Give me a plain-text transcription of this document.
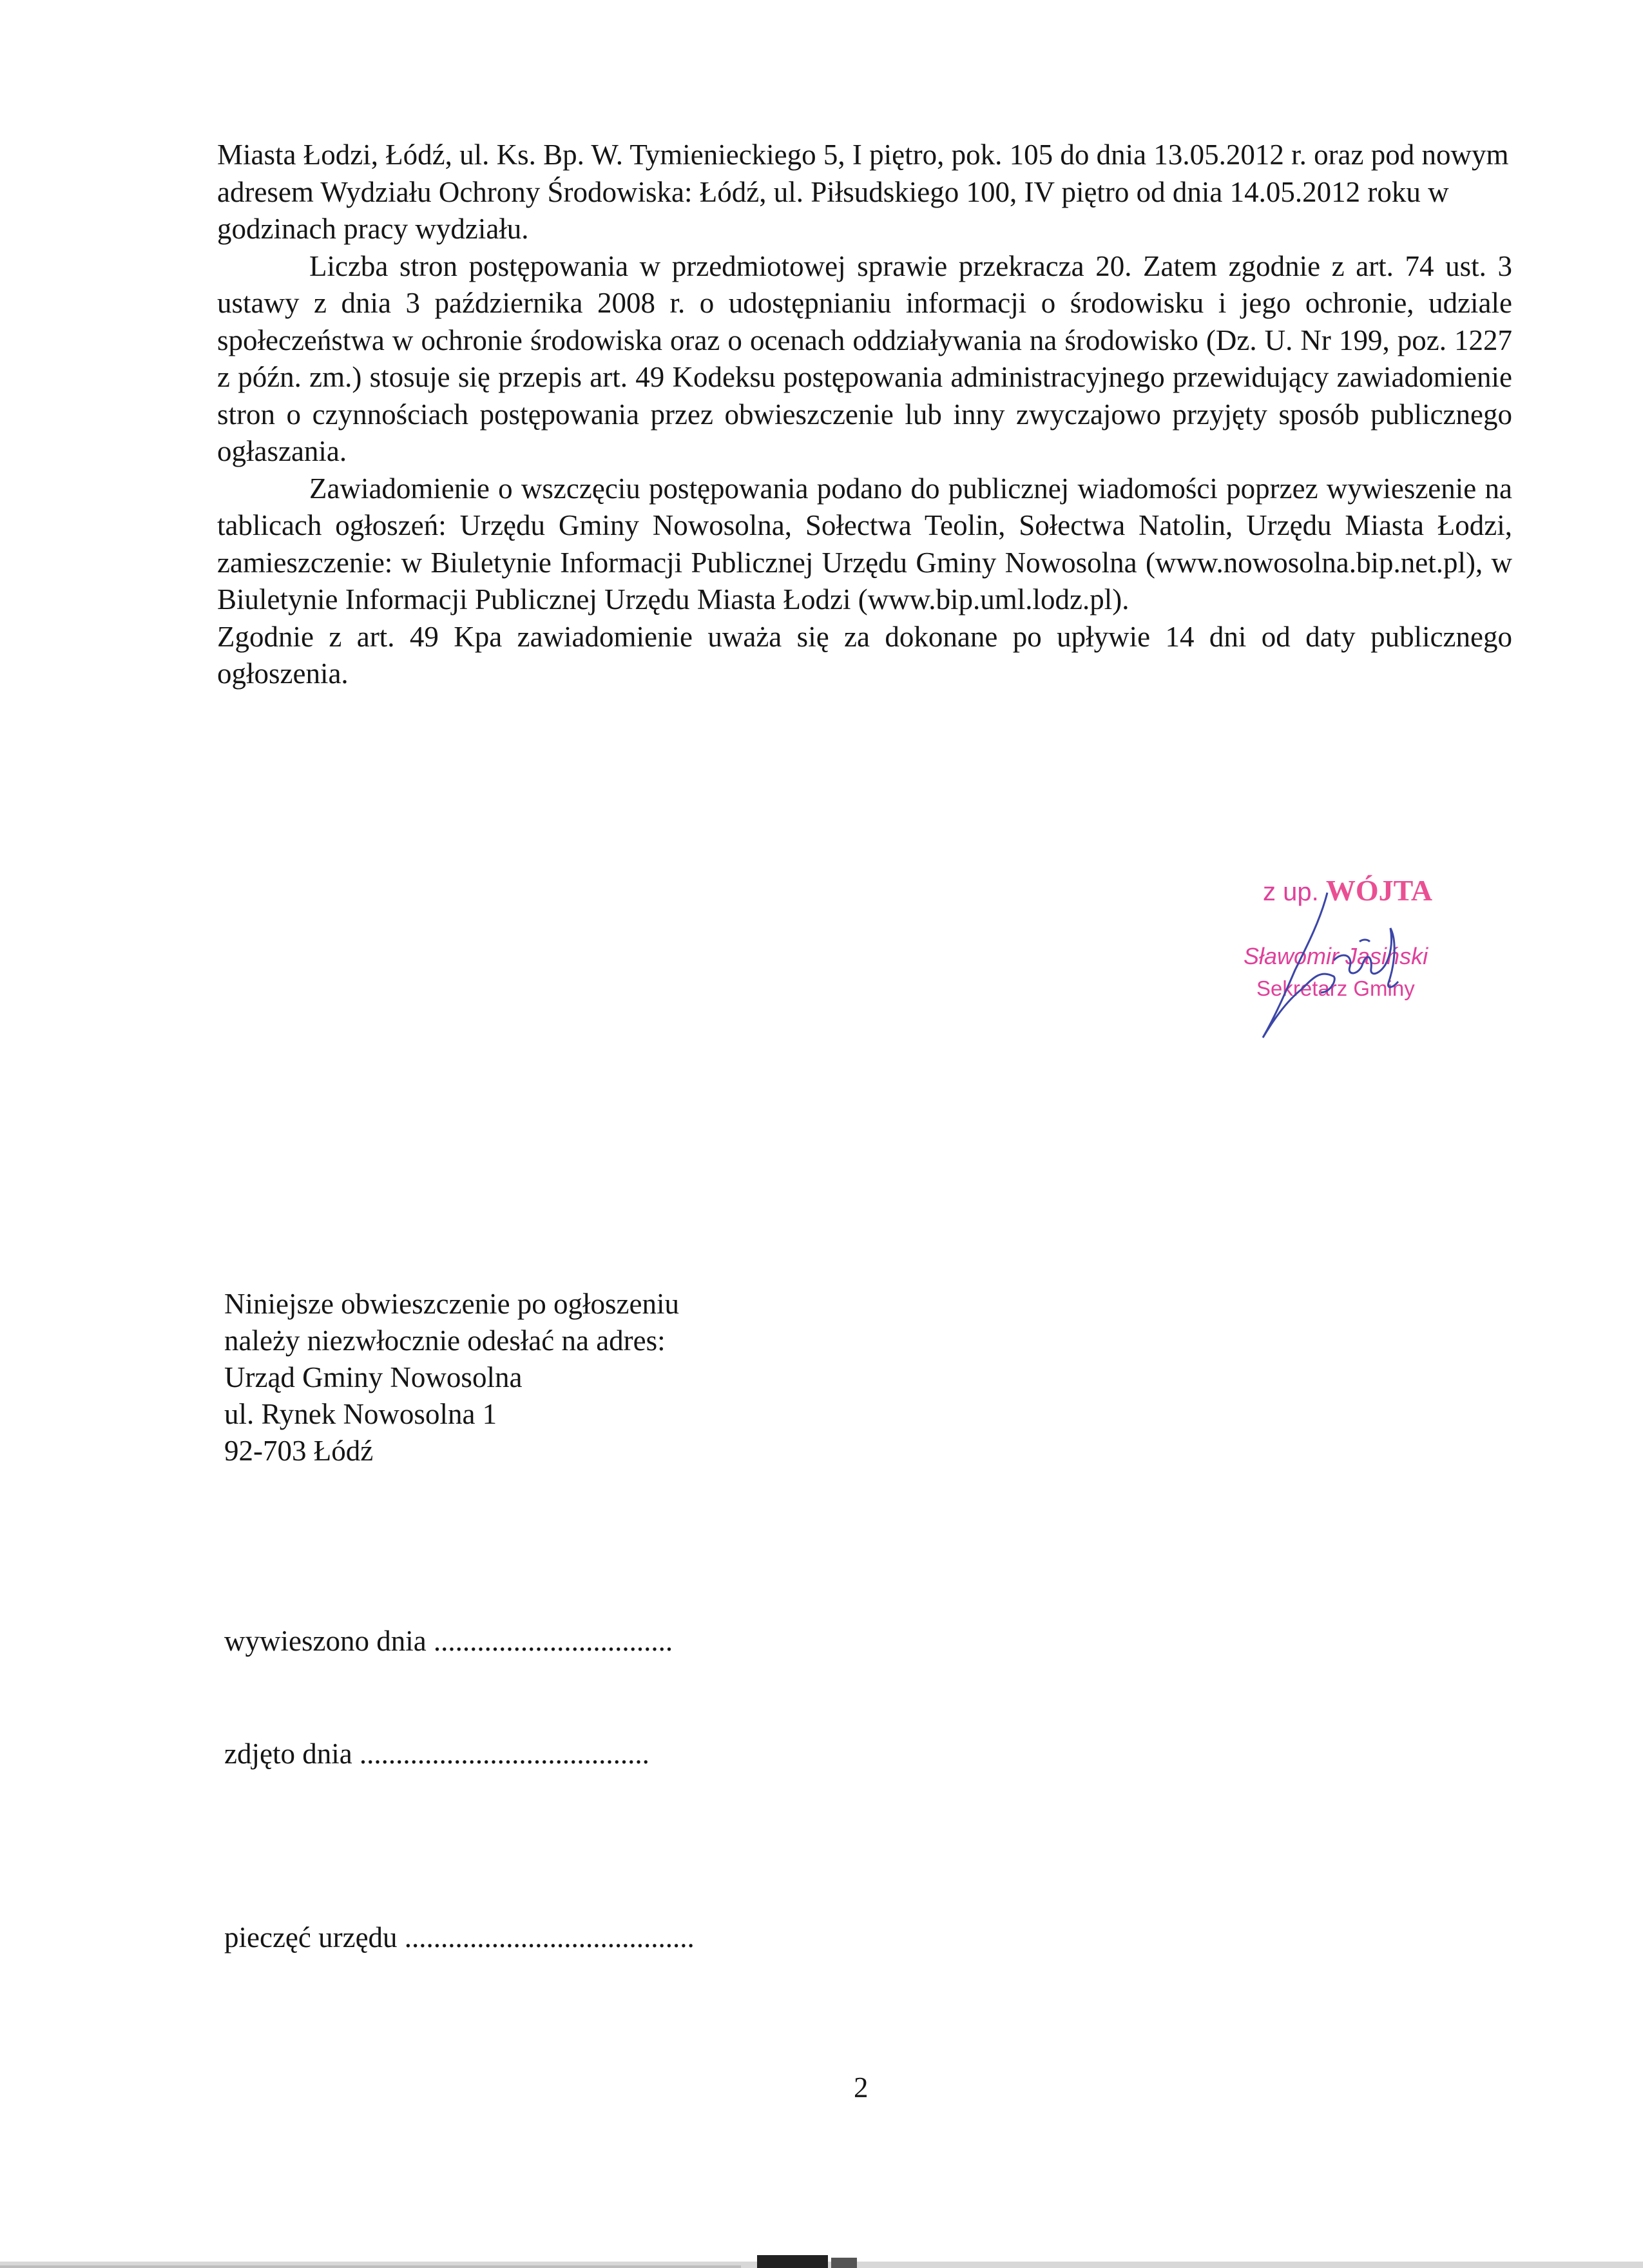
Miasta Łodzi, Łódź, ul. Ks. Bp. W. Tymienieckiego 5, I piętro, pok. 105 do dnia 13.05.2012 r. oraz pod nowym adresem Wydziału Ochrony Środowiska: Łódź, ul. Piłsudskiego 100, IV piętro od dnia 14.05.2012 roku w godzinach pracy wydziału.

Liczba stron postępowania w przedmiotowej sprawie przekracza 20. Zatem zgodnie z art. 74 ust. 3 ustawy z dnia 3 października 2008 r. o udostępnianiu informacji o środowisku i jego ochronie, udziale społeczeństwa w ochronie środowiska oraz o ocenach oddziaływania na środowisko (Dz. U. Nr 199, poz. 1227 z późn. zm.) stosuje się przepis art. 49 Kodeksu postępowania administracyjnego przewidujący zawiadomienie stron o czynnościach postępowania przez obwieszczenie lub inny zwyczajowo przyjęty sposób publicznego ogłaszania.

Zawiadomienie o wszczęciu postępowania podano do publicznej wiadomości poprzez wywieszenie na tablicach ogłoszeń: Urzędu Gminy Nowosolna, Sołectwa Teolin, Sołectwa Natolin, Urzędu Miasta Łodzi, zamieszczenie: w Biuletynie Informacji Publicznej Urzędu Gminy Nowosolna (www.nowosolna.bip.net.pl), w Biuletynie Informacji Publicznej Urzędu Miasta Łodzi (www.bip.uml.lodz.pl).

Zgodnie z art. 49 Kpa zawiadomienie uważa się za dokonane po upływie 14 dni od daty publicznego ogłoszenia.

z up. WÓJTA
Sławomir Jasiński
Sekretarz Gminy
Niniejsze obwieszczenie po ogłoszeniu
należy niezwłocznie odesłać na adres:
Urząd Gminy Nowosolna
ul. Rynek Nowosolna 1
92-703 Łódź
wywieszono dnia .................................
zdjęto dnia ........................................
pieczęć urzędu ........................................
2
